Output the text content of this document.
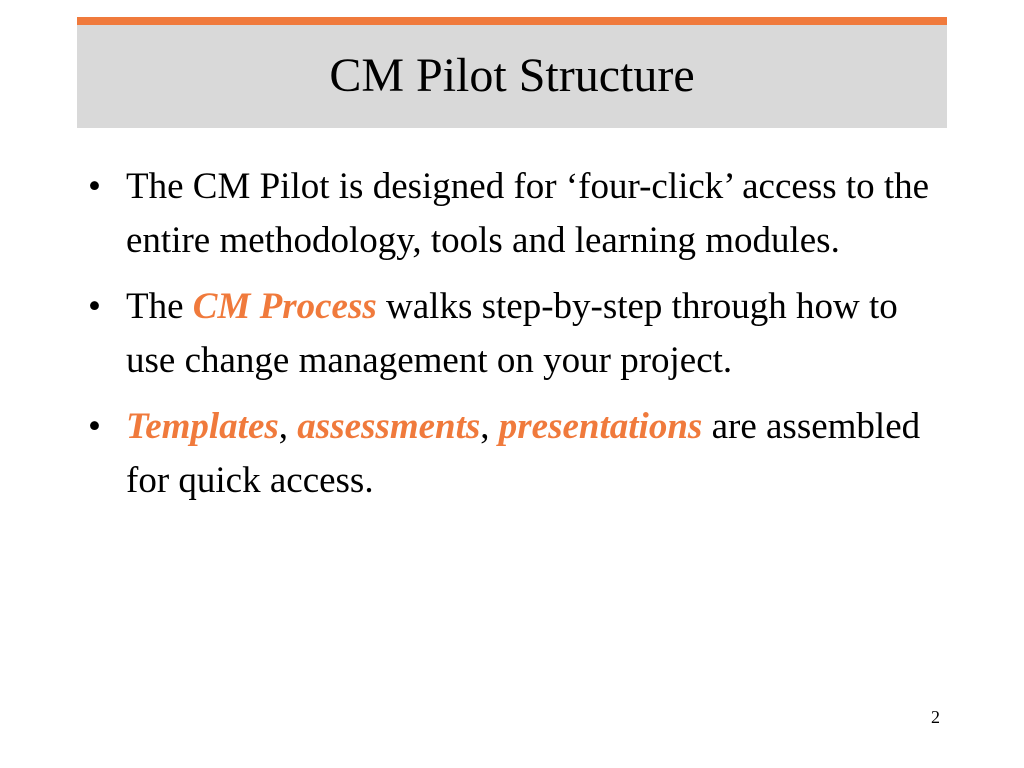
CM Pilot Structure
• The CM Pilot is designed for ‘four-click’ access to the entire methodology, tools and learning modules.
• The CM Process walks step-by-step through how to use change management on your project.
• Templates, assessments, presentations are assembled for quick access.
2
